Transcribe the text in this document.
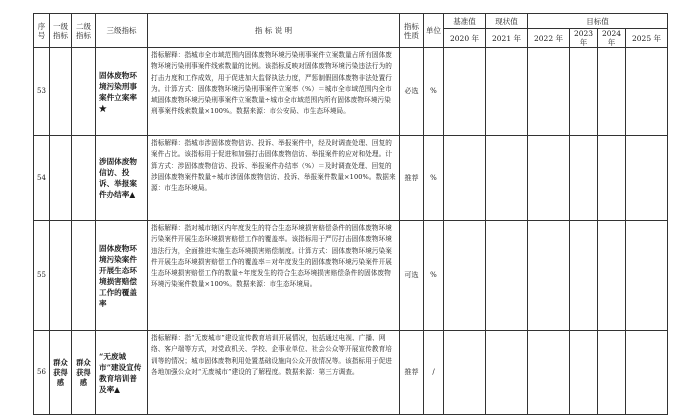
序号	一级指标	二级指标	三级指标	指 标 说 明	指标性质	单位	基准值	现状值	目标值			
							2020 年	2021 年	2022 年	2023 年	2024 年	2025 年
53			固体废物环境污染刑事案件立案率★	指标解释：指城市全市域范围内固体废物环境污染刑事案件立案数量占所有固体废物环境污染刑事案件线索数量的比例。该指标反映对固体废物环境污染违法行为的打击力度和工作成效，用于促进加大监督执法力度，严惩制假固体废物非法处置行为。计算方式：固体废物环境污染刑事案件立案率（%）＝城市全市域范围内全市域固体废物环境污染刑事案件立案数量÷城市全市域范围内所有固体废物环境污染刑事案件线索数量×100%。数据来源：市公安局、市生态环境局。	必选	%						
54			涉固体废物信访、投诉、举报案件办结率▲	指标解释：指城市涉固体废物信访、投诉、举报案件中，经及时调查处理、回复的案件占比。该指标用于促进和加强打击固体废物信访、举报案件的应对和处理。计算方式：涉固体废物信访、投诉、举报案件办结率（%）＝及时调查处理、回复的涉固体废物案件数量÷城市涉固体废物信访、投诉、举报案件数量×100%。数据来源：市生态环境局。	推荐	%						
55			固体废物环境污染案件开展生态环境损害赔偿工作的覆盖率	指标解释：指对城市辖区内年度发生的符合生态环境损害赔偿条件的固体废物环境污染案件开展生态环境损害赔偿工作的覆盖率。该指标用于严厉打击固体废物环境违法行为，全面推进实施生态环境损害赔偿制度。计算方式：固体废物环境污染案件开展生态环境损害赔偿工作的覆盖率＝对年度发生的固体废物环境污染案件开展生态环境损害赔偿工作的数量÷年度发生的符合生态环境损害赔偿条件的固体废物环境污染案件数量×100%。数据来源：市生态环境局。	可选	%						
56	群众获得感	群众获得感	“无废城市”建设宣传教育培训普及率▲	指标解释：指“无废城市”建设宣传教育培训开展情况，包括通过电视、广播、网络、客户端等方式，对党政机关、学校、企事业单位、社会公众等开展宣传教育培训等的情况；城市固体废物利用处置基础设施向公众开放情况等。该指标用于促进各地加强公众对“无废城市”建设的了解程度。数据来源：第三方调查。	推荐	/						
